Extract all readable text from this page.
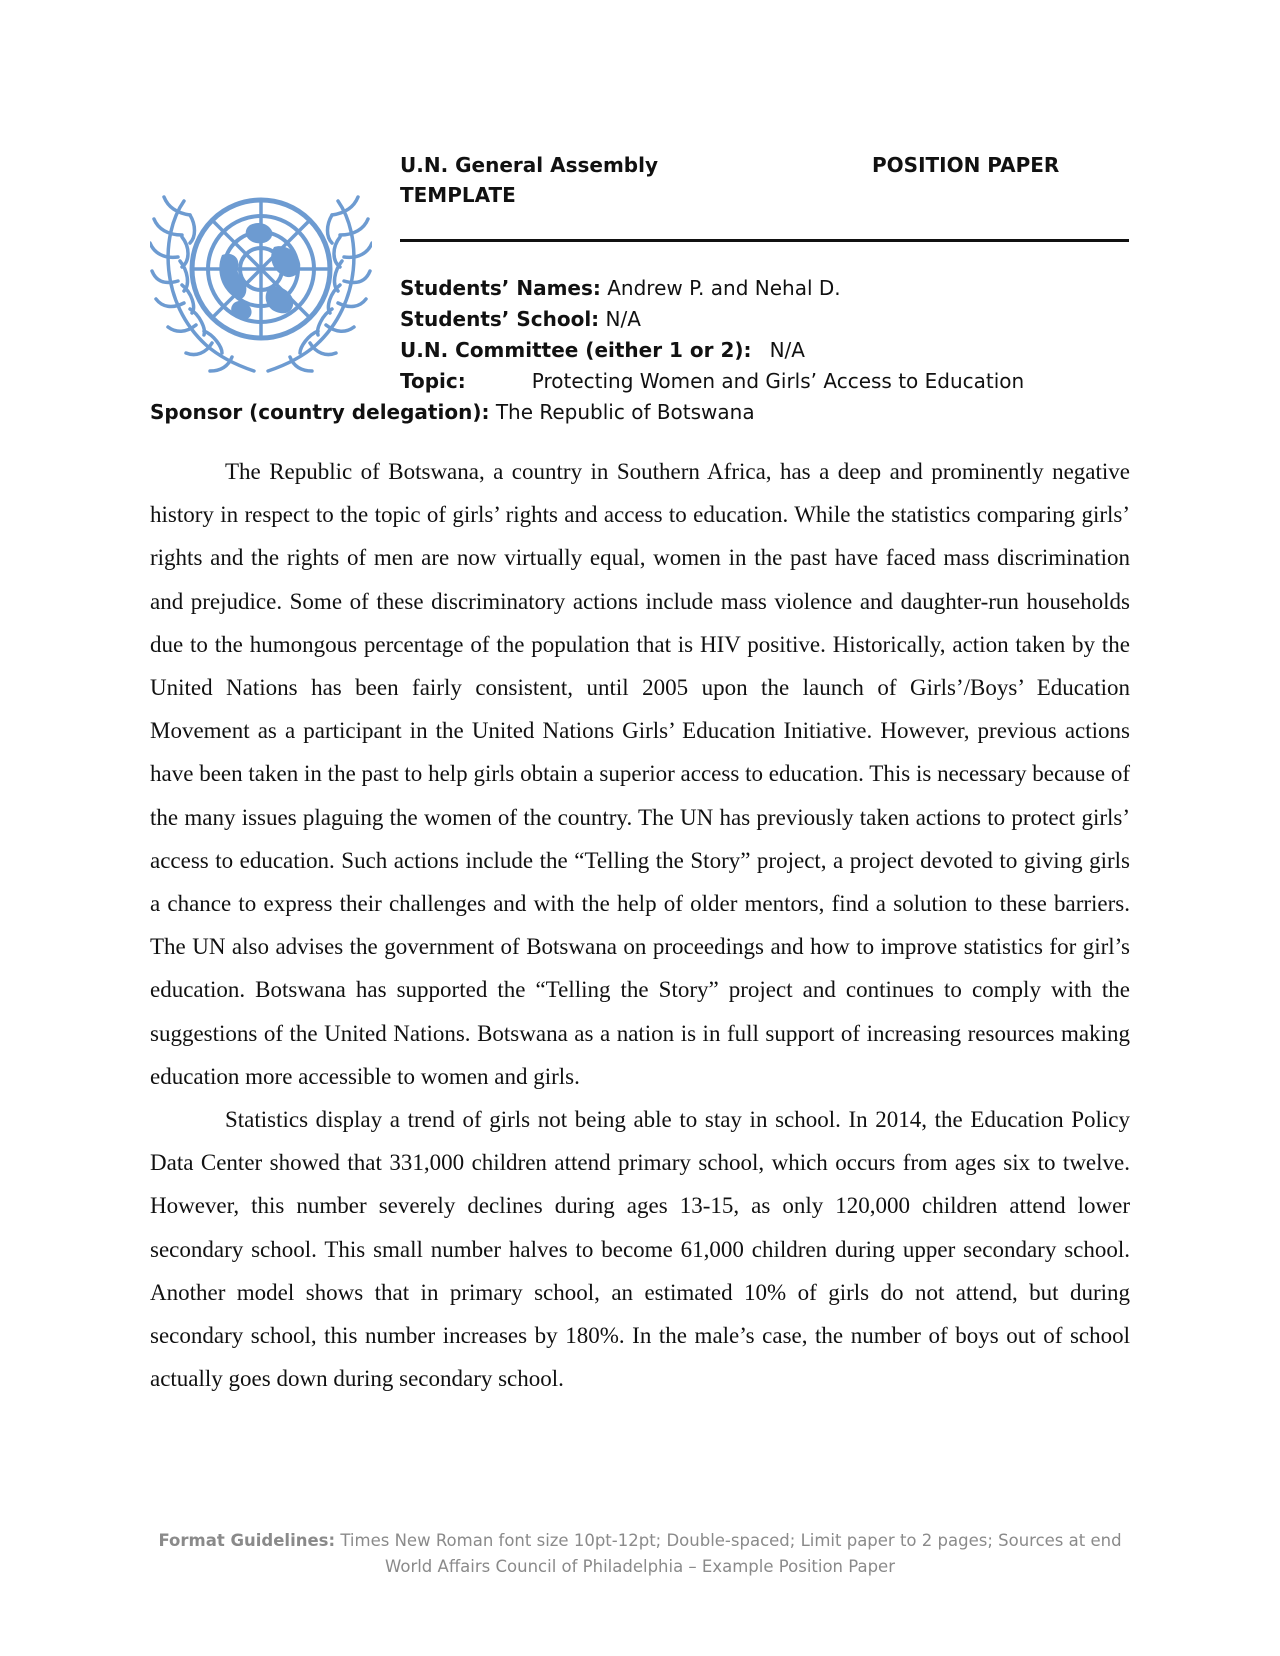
U.N. General Assembly	POSITION PAPER
TEMPLATE
Students’ Names: Andrew P. and Nehal D.
Students’ School: N/A
U.N. Committee (either 1 or 2): N/A
Topic:	Protecting Women and Girls’ Access to Education
Sponsor (country delegation): The Republic of Botswana

The Republic of Botswana, a country in Southern Africa, has a deep and prominently negative history in respect to the topic of girls’ rights and access to education. While the statistics comparing girls’ rights and the rights of men are now virtually equal, women in the past have faced mass discrimination and prejudice. Some of these discriminatory actions include mass violence and daughter-run households due to the humongous percentage of the population that is HIV positive. Historically, action taken by the United Nations has been fairly consistent, until 2005 upon the launch of Girls’/Boys’ Education Movement as a participant in the United Nations Girls’ Education Initiative. However, previous actions have been taken in the past to help girls obtain a superior access to education. This is necessary because of the many issues plaguing the women of the country. The UN has previously taken actions to protect girls’ access to education. Such actions include the “Telling the Story” project, a project devoted to giving girls a chance to express their challenges and with the help of older mentors, find a solution to these barriers. The UN also advises the government of Botswana on proceedings and how to improve statistics for girl’s education. Botswana has supported the “Telling the Story” project and continues to comply with the suggestions of the United Nations. Botswana as a nation is in full support of increasing resources making education more accessible to women and girls.

Statistics display a trend of girls not being able to stay in school. In 2014, the Education Policy Data Center showed that 331,000 children attend primary school, which occurs from ages six to twelve. However, this number severely declines during ages 13-15, as only 120,000 children attend lower secondary school. This small number halves to become 61,000 children during upper secondary school. Another model shows that in primary school, an estimated 10% of girls do not attend, but during secondary school, this number increases by 180%. In the male’s case, the number of boys out of school actually goes down during secondary school.

Format Guidelines: Times New Roman font size 10pt-12pt; Double-spaced; Limit paper to 2 pages; Sources at end
World Affairs Council of Philadelphia – Example Position Paper
